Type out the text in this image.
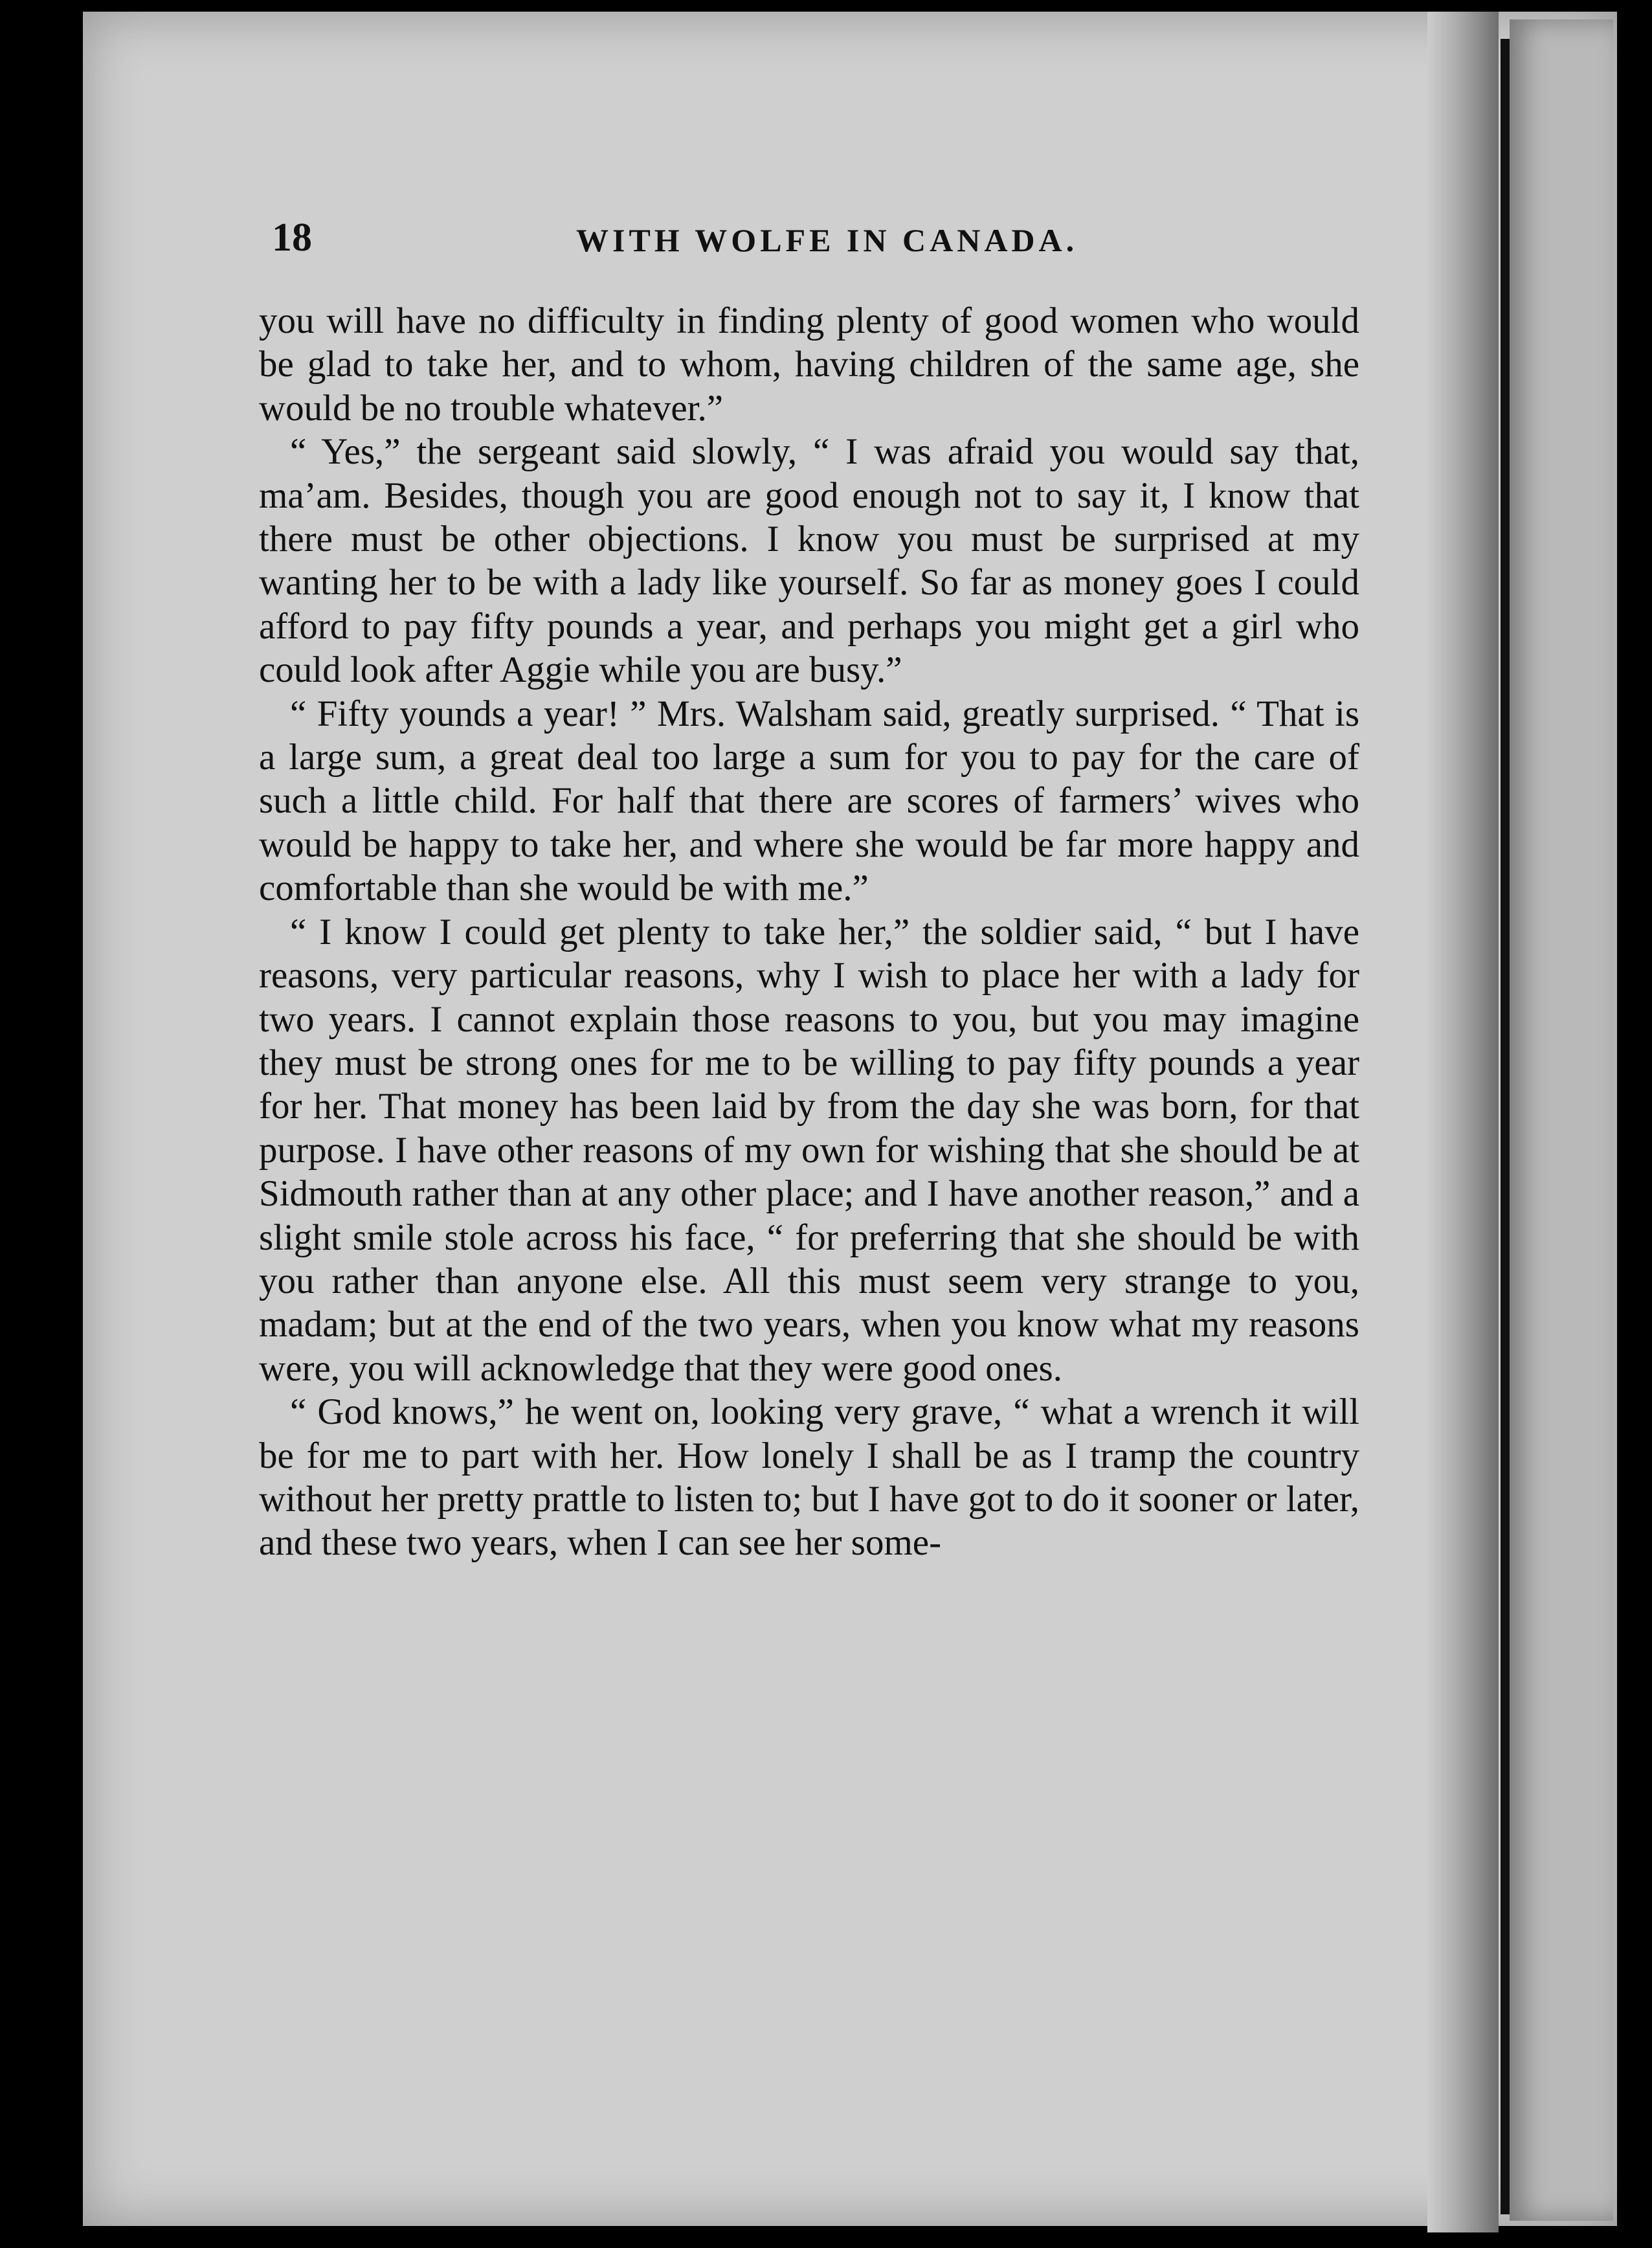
18	WITH WOLFE IN CANADA.

you will have no difficulty in finding plenty of good women who would be glad to take her, and to whom, having children of the same age, she would be no trouble whatever.”

“ Yes,” the sergeant said slowly, “ I was afraid you would say that, ma’am. Besides, though you are good enough not to say it, I know that there must be other objections. I know you must be surprised at my wanting her to be with a lady like yourself. So far as money goes I could afford to pay fifty pounds a year, and perhaps you might get a girl who could look after Aggie while you are busy.”

“ Fifty younds a year! ” Mrs. Walsham said, greatly surprised. “ That is a large sum, a great deal too large a sum for you to pay for the care of such a little child. For half that there are scores of farmers’ wives who would be happy to take her, and where she would be far more happy and comfortable than she would be with me.”

“ I know I could get plenty to take her,” the soldier said, “ but I have reasons, very particular reasons, why I wish to place her with a lady for two years. I cannot explain those reasons to you, but you may imagine they must be strong ones for me to be willing to pay fifty pounds a year for her. That money has been laid by from the day she was born, for that purpose. I have other reasons of my own for wishing that she should be at Sidmouth rather than at any other place; and I have another reason,” and a slight smile stole across his face, “ for preferring that she should be with you rather than anyone else. All this must seem very strange to you, madam; but at the end of the two years, when you know what my reasons were, you will acknowledge that they were good ones.

“ God knows,” he went on, looking very grave, “ what a wrench it will be for me to part with her. How lonely I shall be as I tramp the country without her pretty prattle to listen to; but I have got to do it sooner or later, and these two years, when I can see her some-
